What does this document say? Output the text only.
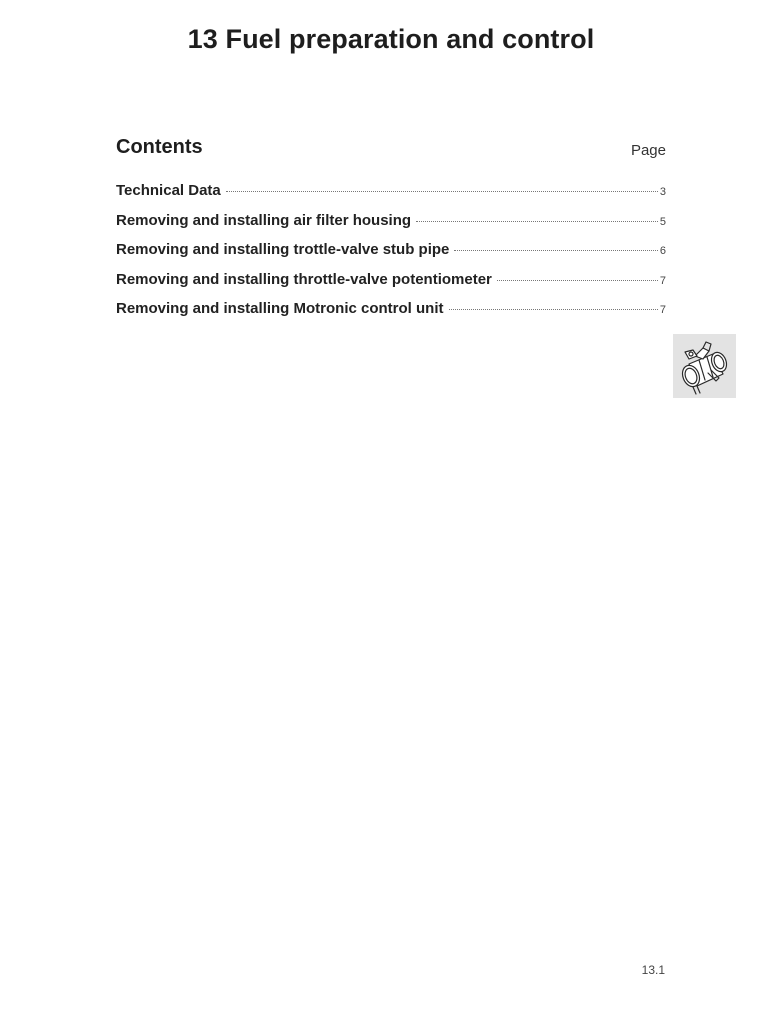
13 Fuel preparation and control
Contents	Page
Technical Data	3
Removing and installing air filter housing	5
Removing and installing trottle-valve stub pipe	6
Removing and installing throttle-valve potentiometer	7
Removing and installing Motronic control unit	7
13.1
